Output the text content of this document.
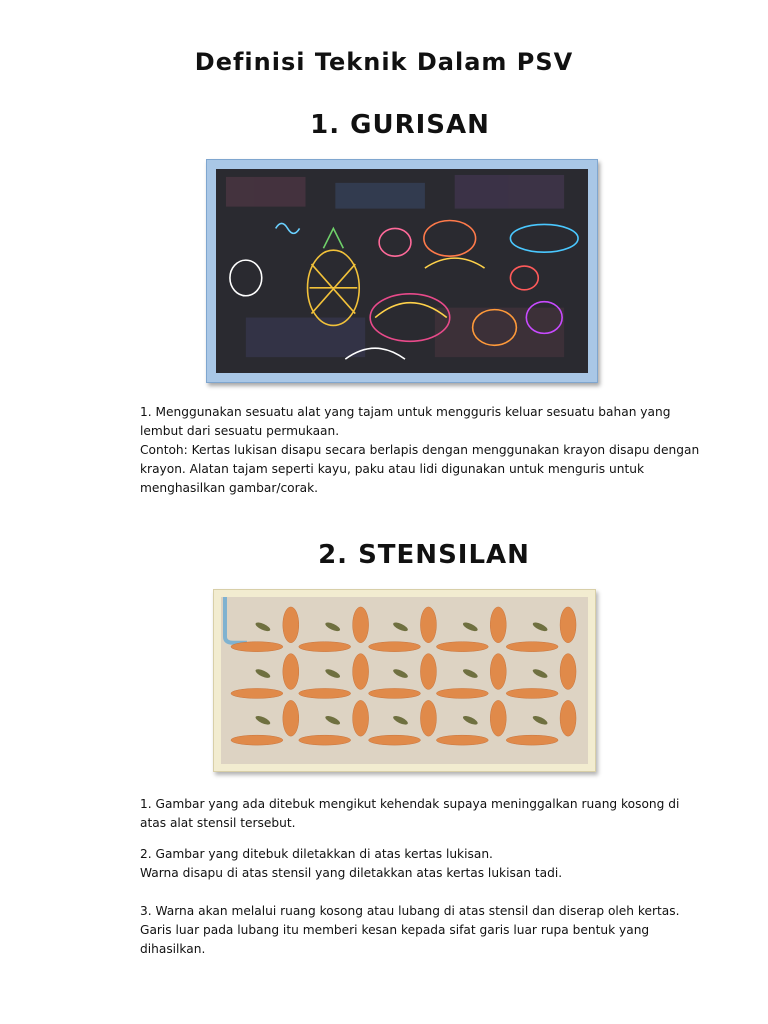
Definisi Teknik Dalam PSV
1. GURISAN
1. Menggunakan sesuatu alat yang tajam untuk mengguris keluar sesuatu bahan yang
lembut dari sesuatu permukaan.
Contoh: Kertas lukisan disapu secara berlapis dengan menggunakan krayon disapu dengan
krayon. Alatan tajam seperti kayu, paku atau lidi digunakan untuk menguris untuk
menghasilkan gambar/corak.
2. STENSILAN
1. Gambar yang ada ditebuk mengikut kehendak supaya meninggalkan ruang kosong di
atas alat stensil tersebut.
2. Gambar yang ditebuk diletakkan di atas kertas lukisan.
Warna disapu di atas stensil yang diletakkan atas kertas lukisan tadi.
3. Warna akan melalui ruang kosong atau lubang di atas stensil dan diserap oleh kertas.
Garis luar pada lubang itu memberi kesan kepada sifat garis luar rupa bentuk yang
dihasilkan.
